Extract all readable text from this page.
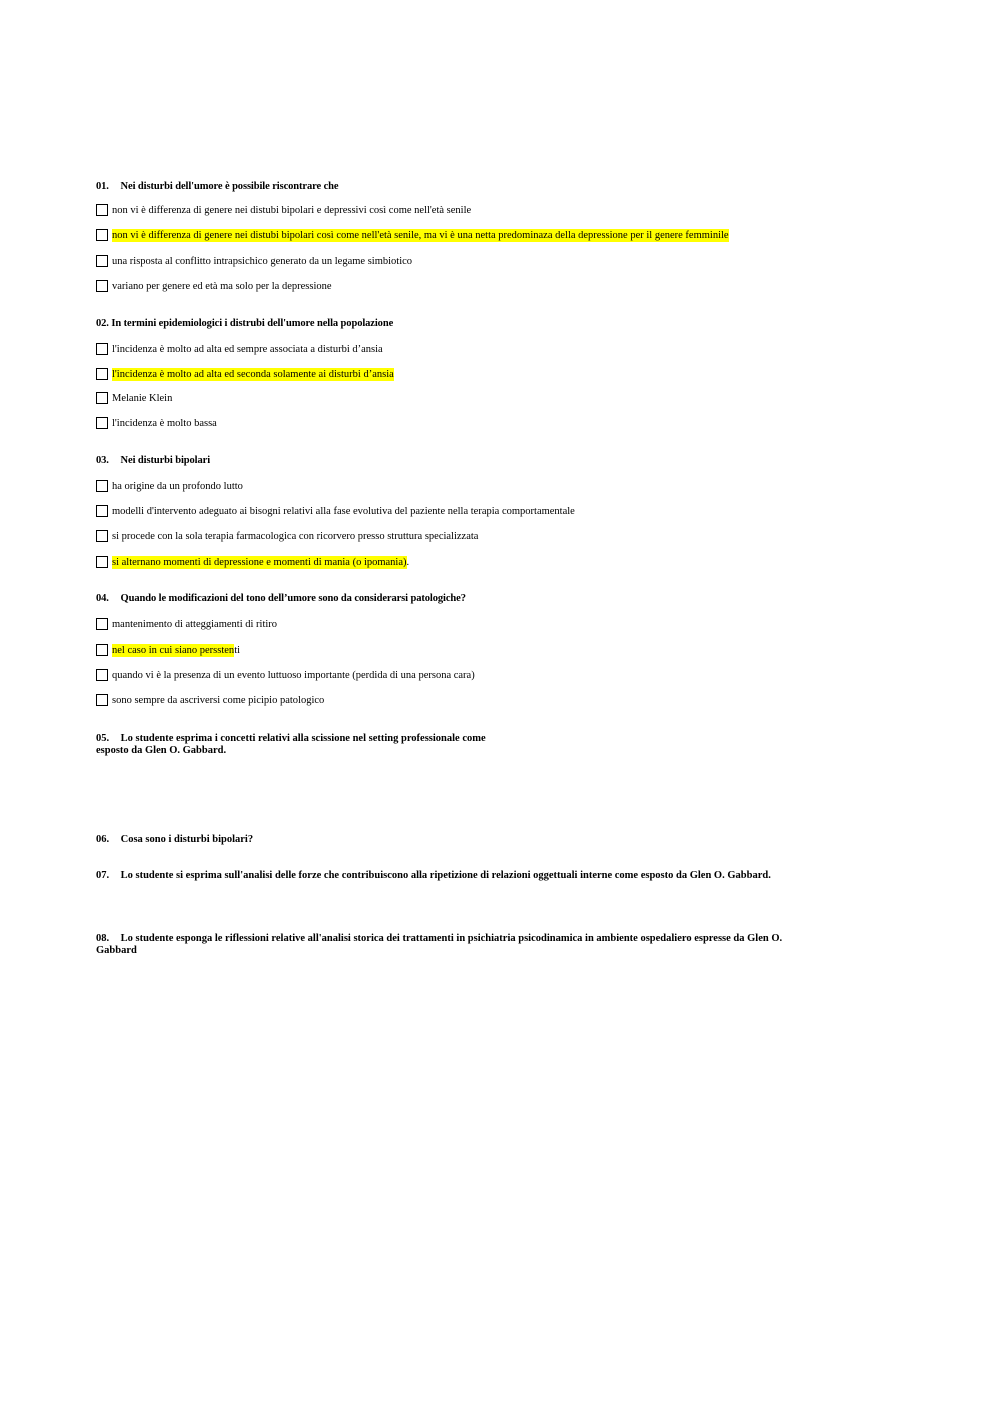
01. Nei disturbi dell'umore è possibile riscontrare che
non vi è differenza di genere nei distubi bipolari e depressivi così come nell'età senile
non vi è differenza di genere nei distubi bipolari così come nell'età senile, ma vi è una netta predominaza della depressione per il genere femminile
una risposta al conflitto intrapsichico generato da un legame simbiotico
variano per genere ed età ma solo per la depressione
02. In termini epidemiologici i distrubi dell'umore nella popolazione
l'incidenza è molto ad alta ed sempre associata a disturbi d’ansia
l'incidenza è molto ad alta ed seconda solamente ai disturbi d’ansia
Melanie Klein
l'incidenza è molto bassa
03. Nei disturbi bipolari
ha origine da un profondo lutto
modelli d'intervento adeguato ai bisogni relativi alla fase evolutiva del paziente nella terapia comportamentale
si procede con la sola terapia farmacologica con ricorvero presso struttura specializzata
si alternano momenti di depressione e momenti di mania (o ipomania) .
04. Quando le modificazioni del tono dell’umore sono da considerarsi patologiche?
mantenimento di atteggiamenti di ritiro
nel caso in cui siano perssten ti
quando vi è la presenza di un evento luttuoso importante (perdida di una persona cara)
sono sempre da ascriversi come picipio patologico
05. Lo studente esprima i concetti relativi alla scissione nel setting professionale come
esposto da Glen O. Gabbard.
06. Cosa sono i disturbi bipolari?
07. Lo studente si esprima sull'analisi delle forze che contribuiscono alla ripetizione di relazioni oggettuali interne come esposto da Glen O. Gabbard.
08. Lo studente esponga le riflessioni relative all'analisi storica dei trattamenti in psichiatria psicodinamica in ambiente ospedaliero espresse da Glen O.
Gabbard
